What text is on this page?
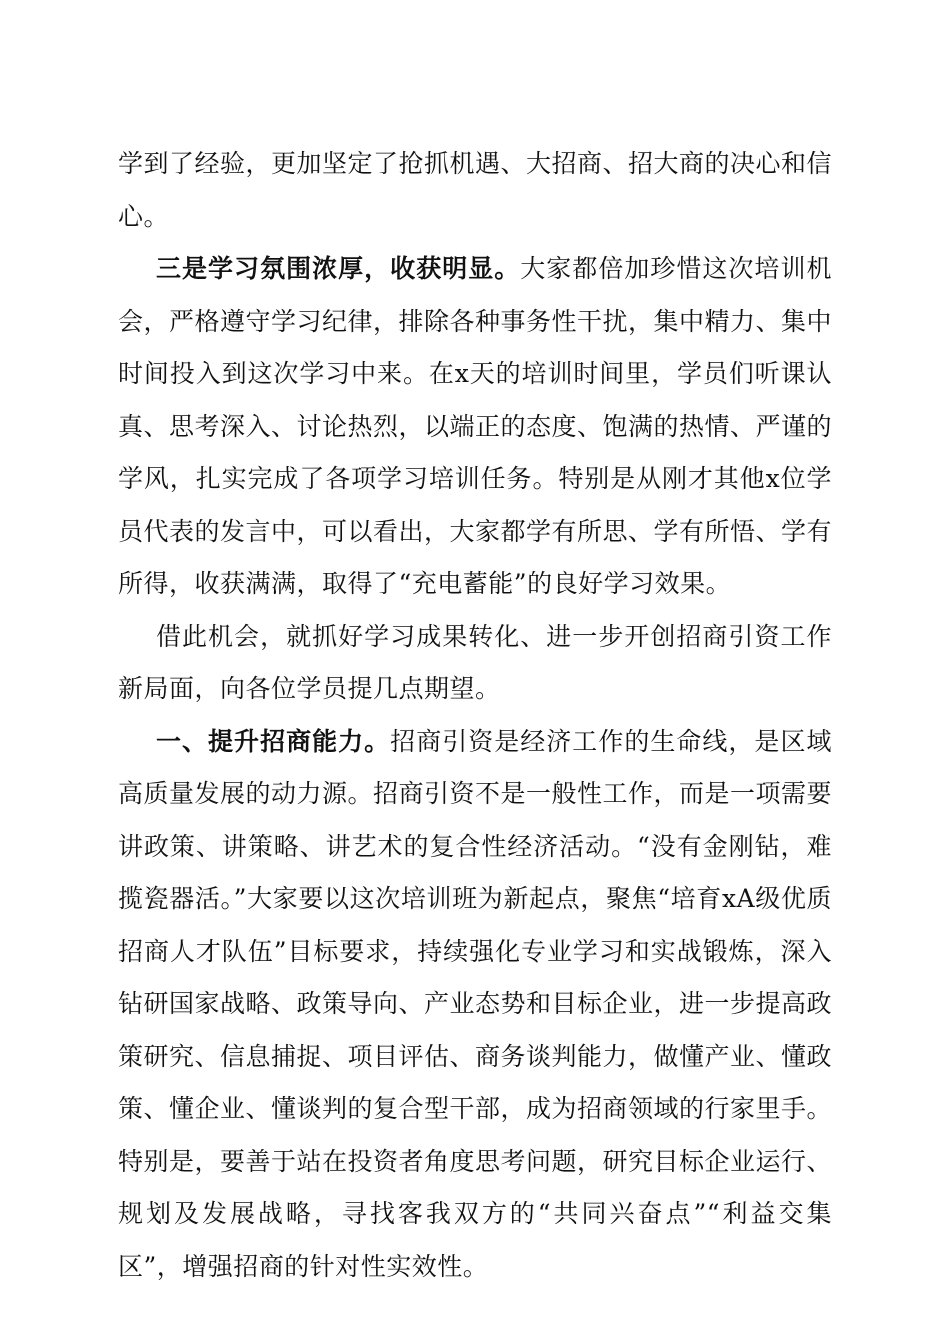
学到了经验，更加坚定了抢抓机遇、大招商、招大商的决心和信心。

三是学习氛围浓厚，收获明显。大家都倍加珍惜这次培训机会，严格遵守学习纪律，排除各种事务性干扰，集中精力、集中时间投入到这次学习中来。在x天的培训时间里，学员们听课认真、思考深入、讨论热烈，以端正的态度、饱满的热情、严谨的学风，扎实完成了各项学习培训任务。特别是从刚才其他x位学员代表的发言中，可以看出，大家都学有所思、学有所悟、学有所得，收获满满，取得了“充电蓄能”的良好学习效果。

借此机会，就抓好学习成果转化、进一步开创招商引资工作新局面，向各位学员提几点期望。

一、提升招商能力。招商引资是经济工作的生命线，是区域高质量发展的动力源。招商引资不是一般性工作，而是一项需要讲政策、讲策略、讲艺术的复合性经济活动。“没有金刚钻，难揽瓷器活。”大家要以这次培训班为新起点，聚焦“培育xA级优质招商人才队伍”目标要求，持续强化专业学习和实战锻炼，深入钻研国家战略、政策导向、产业态势和目标企业，进一步提高政策研究、信息捕捉、项目评估、商务谈判能力，做懂产业、懂政策、懂企业、懂谈判的复合型干部，成为招商领域的行家里手。特别是，要善于站在投资者角度思考问题，研究目标企业运行、规划及发展战略，寻找客我双方的“共同兴奋点”“利益交集区”，增强招商的针对性实效性。
